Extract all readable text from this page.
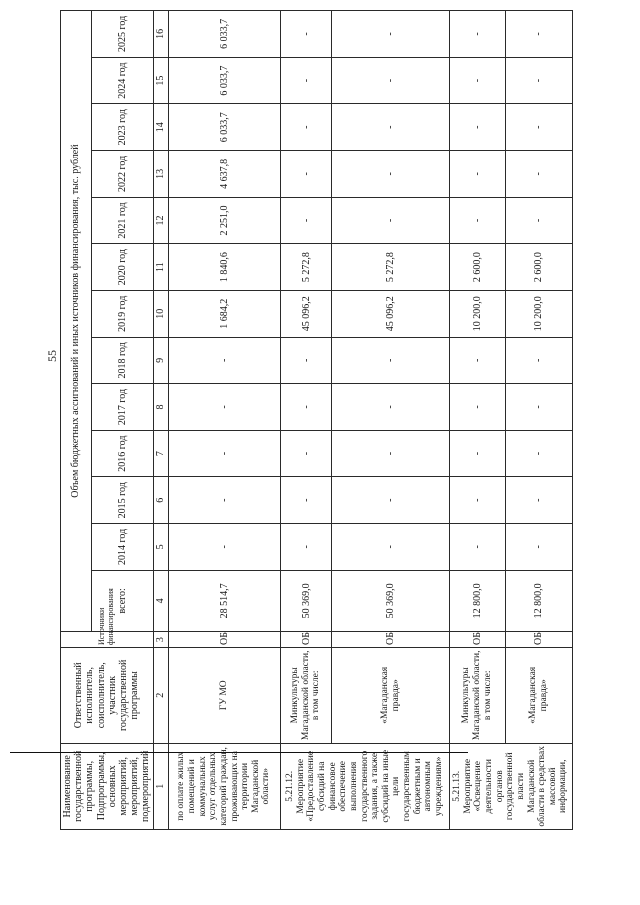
55
Наименование государственной программы, Подпрограммы, основных мероприятий, мероприятий, подмероприятий	Ответственный исполнитель, соисполнитель, участник государственной программы	Источники финансирования	Объем бюджетных ассигнований и иных источников финансирования, тыс. рублей												
			всего:	2014 год	2015 год	2016 год	2017 год	2018 год	2019 год	2020 год	2021 год	2022 год	2023 год	2024 год	2025 год
1	2	3	4	5	6	7	8	9	10	11	12	13	14	15	16
по оплате жилых помещений и коммунальных услуг отдельных категорий граждан, проживающих на территории Магаданской области»	ГУ МО	ОБ	28 514,7	-	-	-	-	-	1 684,2	1 840,6	2 251,0	4 637,8	6 033,7	6 033,7	6 033,7
5.21.12. Мероприятие «Предоставление субсидий на финансовое обеспечение выполнения государственного задания, а также субсидий на иные цели государственным бюджетным и автономным учреждениям»	Минкультуры Магаданской области, в том числе:	ОБ	50 369,0	-	-	-	-	-	45 096,2	5 272,8	-	-	-	-	-
	«Магаданская правда»	ОБ	50 369,0	-	-	-	-	-	45 096,2	5 272,8	-	-	-	-	-
5.21.13. Мероприятие «Освещение деятельности органов государственной власти Магаданской области в средствах массовой информации,	Минкультуры Магаданской области, в том числе:	ОБ	12 800,0	-	-	-	-	-	10 200,0	2 600,0	-	-	-	-	-
	«Магаданская правда»	ОБ	12 800,0	-	-	-	-	-	10 200,0	2 600,0	-	-	-	-	-
